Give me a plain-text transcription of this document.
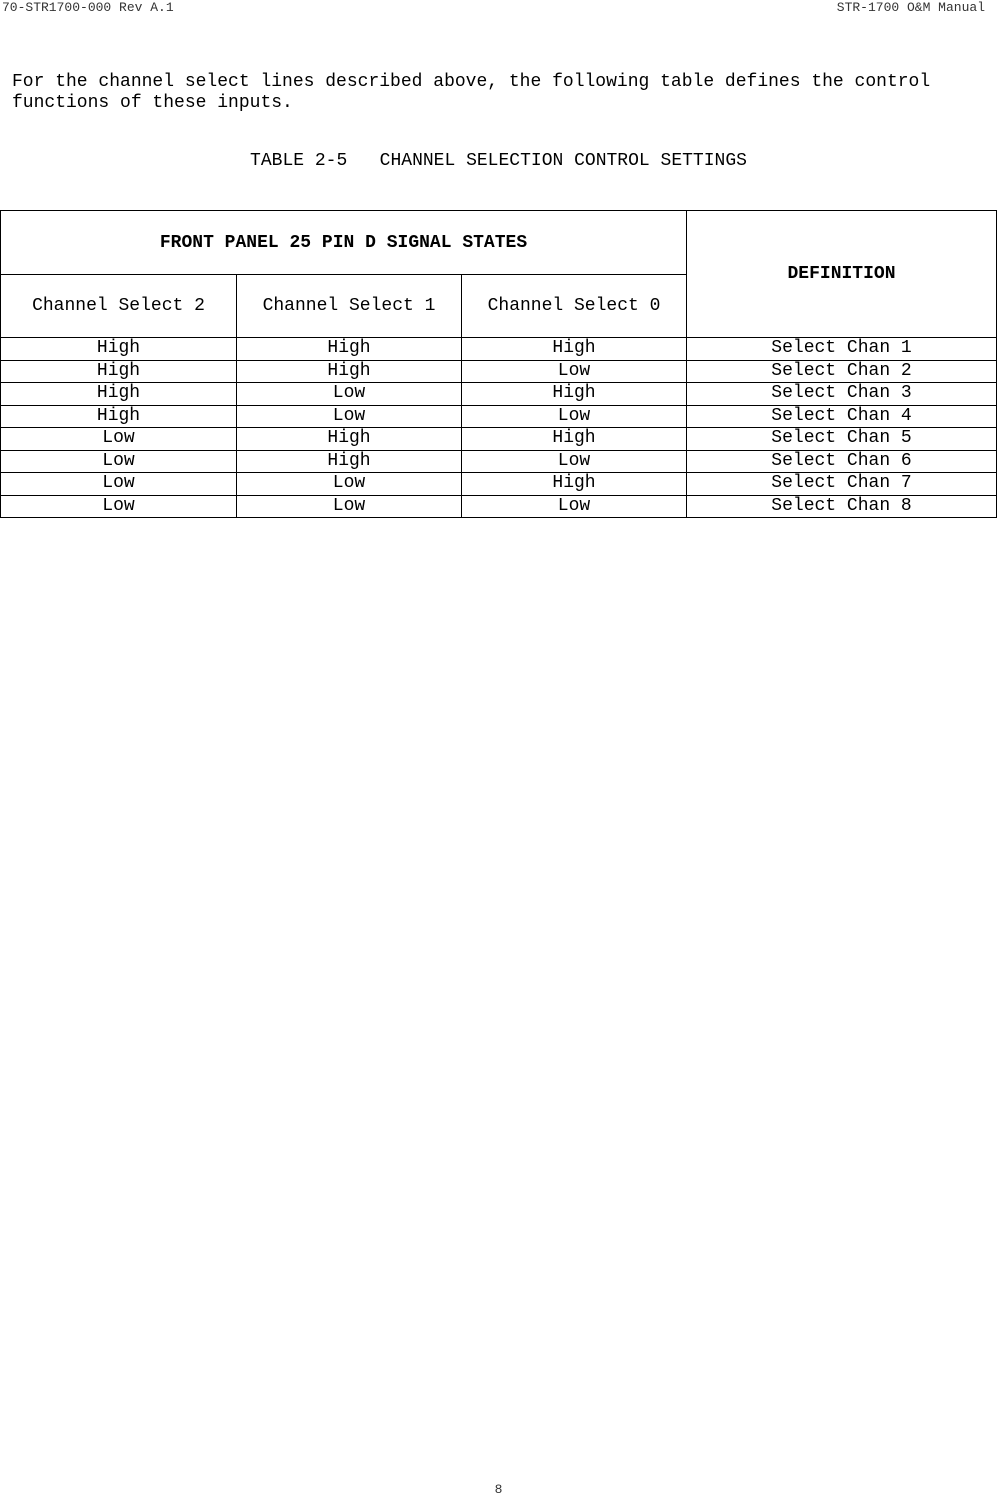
70-STR1700-000 Rev A.1	STR-1700 O&M Manual
For the channel select lines described above, the following table defines the control functions of these inputs.
TABLE 2-5   CHANNEL SELECTION CONTROL SETTINGS
FRONT PANEL 25 PIN D SIGNAL STATES			DEFINITION
Channel Select 2	Channel Select 1	Channel Select 0	
High	High	High	Select Chan 1
High	High	Low	Select Chan 2
High	Low	High	Select Chan 3
High	Low	Low	Select Chan 4
Low	High	High	Select Chan 5
Low	High	Low	Select Chan 6
Low	Low	High	Select Chan 7
Low	Low	Low	Select Chan 8
8
